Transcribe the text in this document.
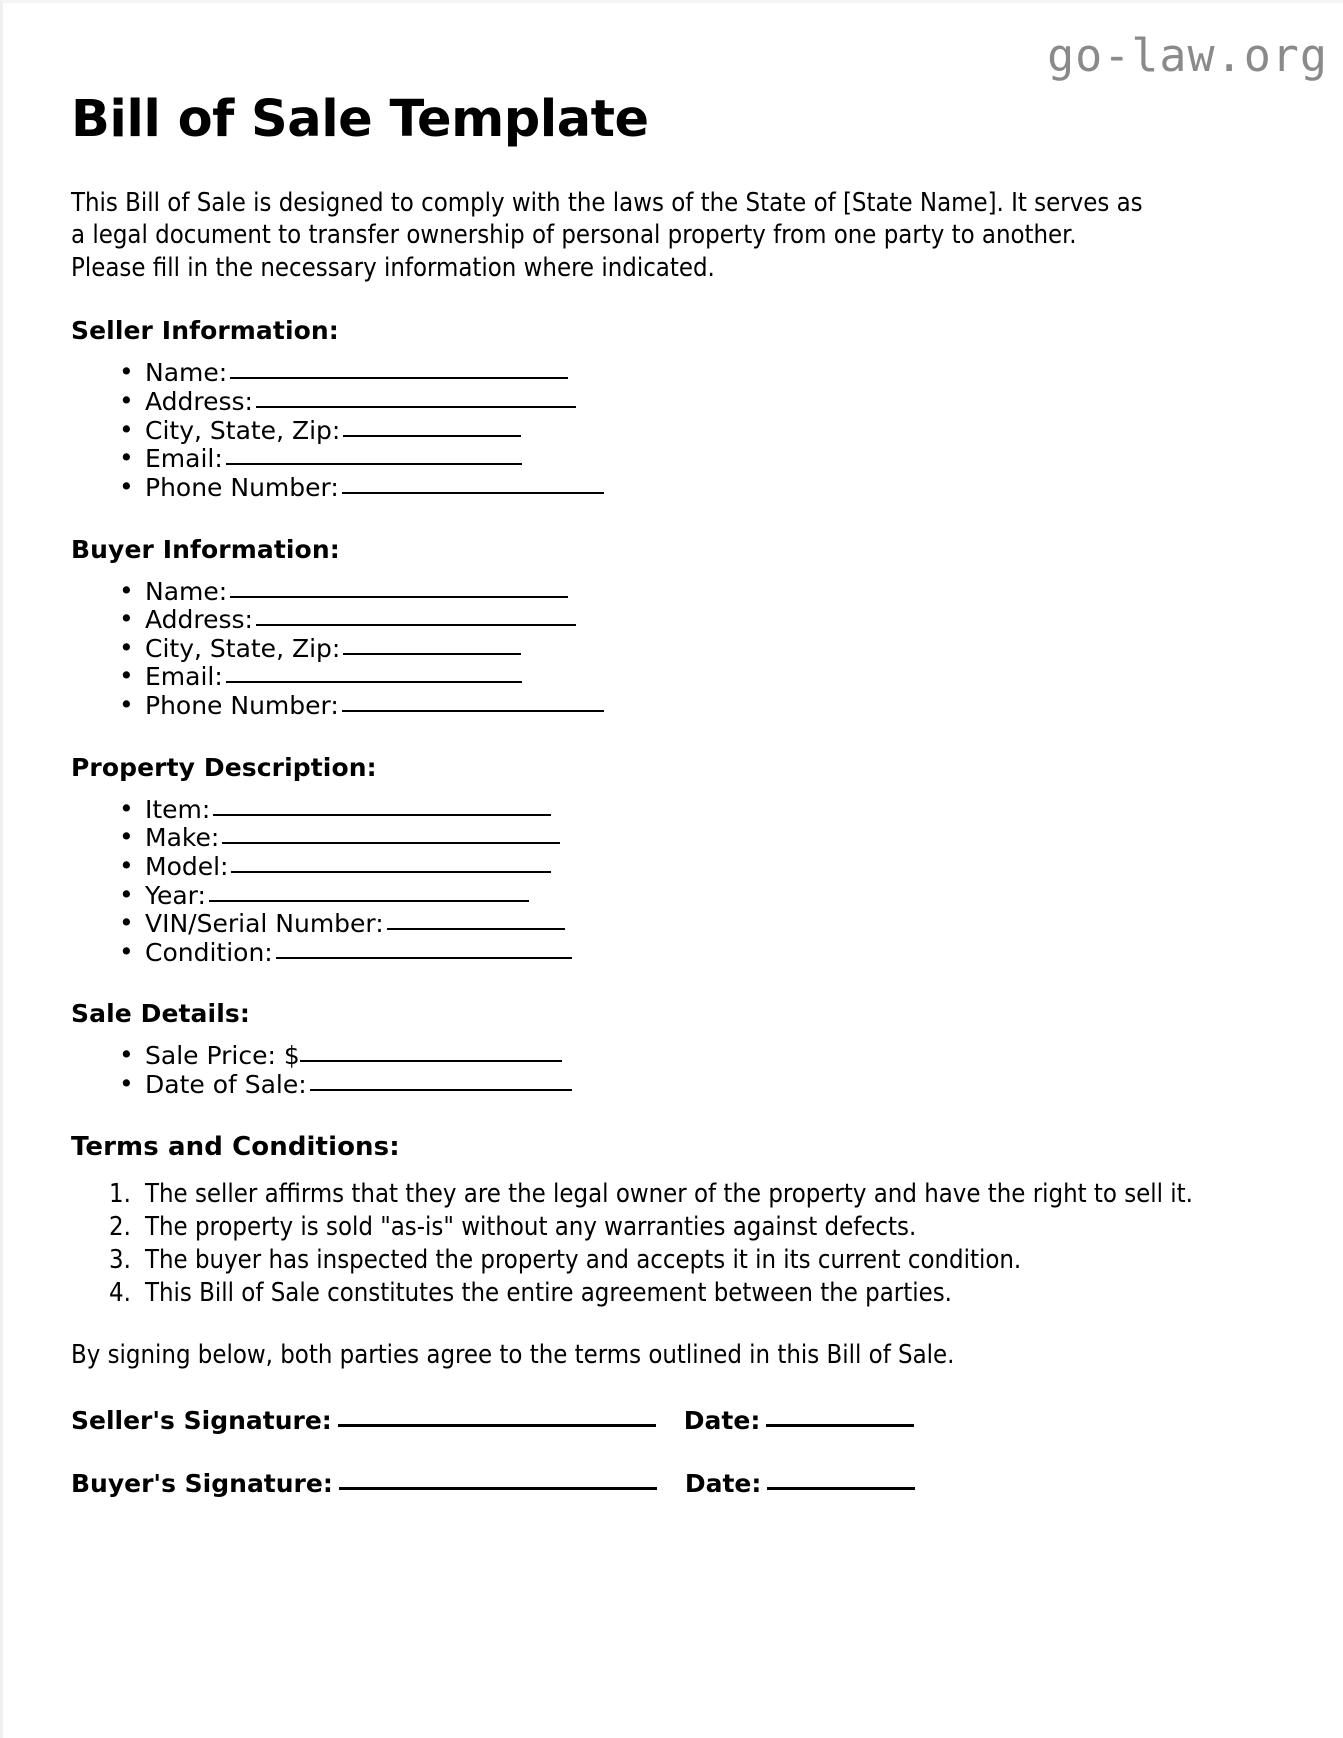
go-law.org
Bill of Sale Template

This Bill of Sale is designed to comply with the laws of the State of [State Name]. It serves as a legal document to transfer ownership of personal property from one party to another. Please fill in the necessary information where indicated.

Seller Information:
• Name:
• Address:
• City, State, Zip:
• Email:
• Phone Number:
Buyer Information:
• Name:
• Address:
• City, State, Zip:
• Email:
• Phone Number:
Property Description:
• Item:
• Make:
• Model:
• Year:
• VIN/Serial Number:
• Condition:
Sale Details:
• Sale Price: $
• Date of Sale:
Terms and Conditions:
The seller affirms that they are the legal owner of the property and have the right to sell it.
The property is sold "as-is" without any warranties against defects.
The buyer has inspected the property and accepts it in its current condition.
This Bill of Sale constitutes the entire agreement between the parties.

By signing below, both parties agree to the terms outlined in this Bill of Sale.

Seller's Signature:	Date:
Buyer's Signature:	Date:
